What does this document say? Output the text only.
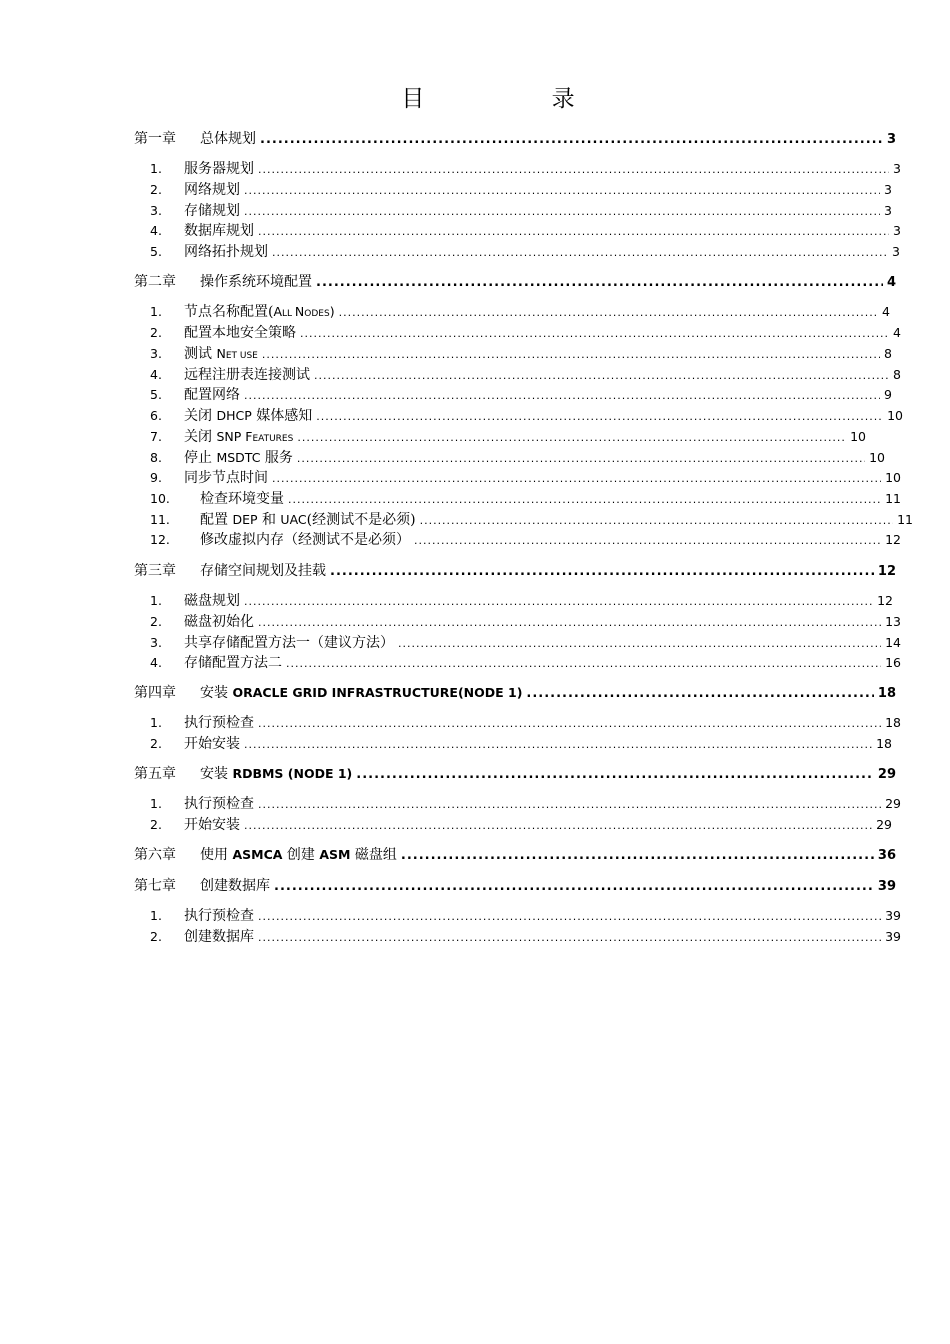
目 录
第一章	总体规划 .....	3
1.	服务器规划 .....	3
2.	网络规划 .....	3
3.	存储规划 .....	3
4.	数据库规划 .....	3
5.	网络拓扑规划 .....	3
第二章	操作系统环境配置 .....	4
1.	节点名称配置(ALL NODES) .....	4
2.	配置本地安全策略 .....	4
3.	测试 NET USE .....	8
4.	远程注册表连接测试 .....	8
5.	配置网络 .....	9
6.	关闭 DHCP 媒体感知 .....	10
7.	关闭 SNP FEATURES .....	10
8.	停止 MSDTC 服务 .....	10
9.	同步节点时间 .....	10
10.	检查环境变量 .....	11
11.	配置 DEP 和 UAC(经测试不是必须) .....	11
12.	修改虚拟内存（经测试不是必须） .....	12
第三章	存储空间规划及挂载 .....	12
1.	磁盘规划 .....	12
2.	磁盘初始化 .....	13
3.	共享存储配置方法一（建议方法） .....	14
4.	存储配置方法二 .....	16
第四章	安装 ORACLE GRID INFRASTRUCTURE(NODE 1) .....	18
1.	执行预检查 .....	18
2.	开始安装 .....	18
第五章	安装 RDBMS (NODE 1) .....	29
1.	执行预检查 .....	29
2.	开始安装 .....	29
第六章	使用 ASMCA 创建 ASM 磁盘组 .....	36
第七章	创建数据库 .....	39
1.	执行预检查 .....	39
2.	创建数据库 .....	39
